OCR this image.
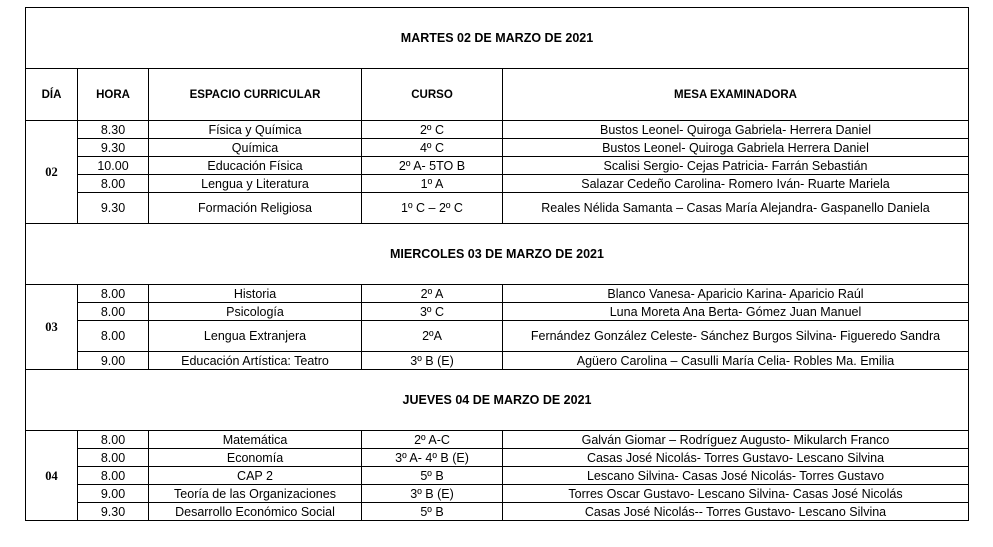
MARTES 02 DE MARZO DE 2021				
DÍA	HORA	ESPACIO CURRICULAR	CURSO	MESA EXAMINADORA
02	8.30	Física y Química	2º C	Bustos Leonel- Quiroga Gabriela- Herrera Daniel
	9.30	Química	4º C	Bustos Leonel- Quiroga Gabriela Herrera Daniel
	10.00	Educación Física	2º A- 5TO B	Scalisi Sergio- Cejas Patricia- Farrán Sebastián
	8.00	Lengua y Literatura	1º A	Salazar Cedeño Carolina- Romero Iván- Ruarte Mariela
	9.30	Formación Religiosa	1º C – 2º C	Reales Nélida Samanta – Casas María Alejandra- Gaspanello Daniela
MIERCOLES 03 DE MARZO DE 2021				
03	8.00	Historia	2º A	Blanco Vanesa- Aparicio Karina- Aparicio Raúl
	8.00	Psicología	3º C	Luna Moreta Ana Berta- Gómez Juan Manuel
	8.00	Lengua Extranjera	2ºA	Fernández González Celeste- Sánchez Burgos Silvina- Figueredo Sandra
	9.00	Educación Artística: Teatro	3º B (E)	Agüero Carolina – Casulli María Celia- Robles Ma. Emilia
JUEVES 04 DE MARZO DE 2021				
04	8.00	Matemática	2º A-C	Galván Giomar – Rodríguez Augusto- Mikularch Franco
	8.00	Economía	3º A- 4º B (E)	Casas José Nicolás- Torres Gustavo- Lescano Silvina
	8.00	CAP 2	5º B	Lescano Silvina- Casas José Nicolás- Torres Gustavo
	9.00	Teoría de las Organizaciones	3º B (E)	Torres Oscar Gustavo- Lescano Silvina- Casas José Nicolás
	9.30	Desarrollo Económico Social	5º B	Casas José Nicolás-- Torres Gustavo- Lescano Silvina
